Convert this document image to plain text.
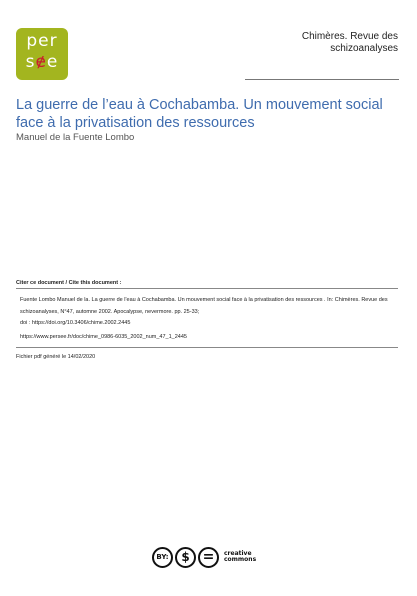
per
sɇe
Chimères. Revue des schizoanalyses
La guerre de l’eau à Cochabamba. Un mouvement social face à la privatisation des ressources
Manuel de la Fuente Lombo
Citer ce document / Cite this document :
Fuente Lombo Manuel de la. La guerre de l'eau à Cochabamba. Un mouvement social face à la privatisation des ressources . In: Chimères. Revue des schizoanalyses, N°47, automne 2002. Apocalypse, nevermore. pp. 25-33;
doi : https://doi.org/10.3406/chime.2002.2445
https://www.persee.fr/doc/chime_0986-6035_2002_num_47_1_2445
Fichier pdf généré le 14/02/2020
BY:	$ =	creative
commons
